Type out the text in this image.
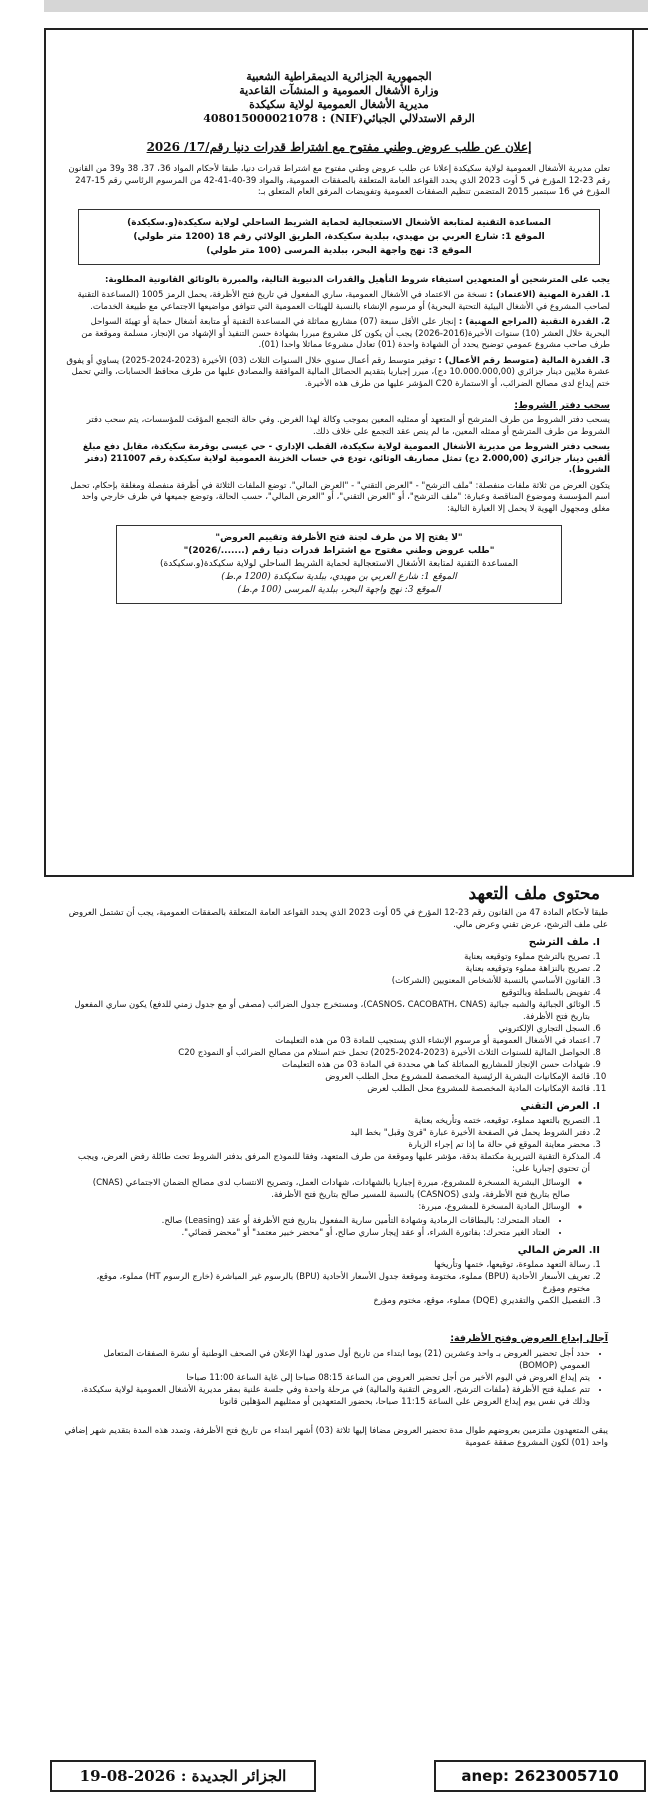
الجمهورية الجزائرية الديمقراطية الشعبية
وزارة الأشغال العمومية و المنشآت القاعدية
مديرية الأشغال العمومية لولاية سكيكدة
الرقم الاستدلالي الجبائي(NIF) : 408015000021078
إعلان عن طلب عروض وطني مفتوح مع اشتراط قدرات دنيا رقم/17/ 2026

تعلن مديرية الأشغال العمومية لولاية سكيكدة إعلانا عن طلب عروض وطني مفتوح مع اشتراط قدرات دنيا، طبقا لأحكام المواد 36، 37، 38 و39 من القانون رقم 23-12 المؤرخ في 5 أوت 2023 الذي يحدد القواعد العامة المتعلقة بالصفقات العمومية، والمواد 39-40-41-42 من المرسوم الرئاسي رقم 15-247 المؤرخ في 16 سبتمبر 2015 المتضمن تنظيم الصفقات العمومية وتفويضات المرفق العام المتعلق بـ:

المساعدة التقنية لمتابعة الأشغال الاستعجالية لحماية الشريط الساحلي لولاية سكيكدة(و.سكيكدة)
الموقع 1: شارع العربي بن مهيدي، ببلدية سكيكدة، الطريق الولائي رقم 18 (1200 متر طولي)
الموقع 3: نهج واجهة البحر، ببلدية المرسى (100 متر طولي)

يجب على المترشحين أو المتعهدين استيفاء شروط التأهيل والقدرات الدنيوية التالية، والمبررة بالوثائق القانونية المطلوبة:

1. القدرة المهنية (الاعتماد) : نسخة من الاعتماد في الأشغال العمومية، ساري المفعول في تاريخ فتح الأظرفة، يحمل الرمز 1005 (المساعدة التقنية لصاحب المشروع في الأشغال البيئية التحتية البحرية) أو مرسوم الإنشاء بالنسبة للهيئات العمومية التي تتوافق مواضيعها الاجتماعي مع طبيعة الخدمات.

2. القدرة التقنية (المراجع المهنية) : إنجاز على الأقل سبعة (07) مشاريع مماثلة في المساعدة التقنية أو متابعة أشغال حماية أو تهيئة السواحل البحرية خلال العشر (10) سنوات الأخيرة(2016-2026) يجب أن يكون كل مشروع مبررا بشهادة حسن التنفيذ أو الإشهاد من الإنجاز، مسلمة وموقعة من طرف صاحب مشروع عمومي توضيح يحدد أن الشهادة واحدة (01) تعادل مشروعا مماثلا واحدا (01).

3. القدرة المالية (متوسط رقم الأعمال) : توفير متوسط رقم أعمال سنوي خلال السنوات الثلاث (03) الأخيرة (2023-2024-2025) يساوي أو يفوق عشرة ملايين دينار جزائري (10.000.000,00 دج)، مبرر إجباريا بتقديم الحصائل المالية الموافقة والمصادق عليها من طرف محافظ الحسابات، والتي تحمل ختم إيداع لدى مصالح الضرائب، أو الاستمارة C20 المؤشر عليها من طرف هذه الأخيرة.

سحب دفتر الشروط:

يسحب دفتر الشروط من طرف المترشح أو المتعهد أو ممثليه المعين بموجب وكالة لهذا الغرض. وفي حالة التجمع المؤقت للمؤسسات، يتم سحب دفتر الشروط من طرف المترشح أو ممثله المعين، ما لم ينص عقد التجمع على خلاف ذلك.

يسحب دفتر الشروط من مديرية الأشغال العمومية لولاية سكيكدة، القطب الإداري - حي عيسى بوقرمة سكيكدة، مقابل دفع مبلغ ألفين دينار جزائري (2.000,00 دج) تمثل مصاريف الوثائق، تودع في حساب الخزينة العمومية لولاية سكيكدة رقم 211007 (دفتر الشروط).

يتكون العرض من ثلاثة ملفات منفصلة: "ملف الترشح" - "العرض التقني" - "العرض المالي". توضع الملفات الثلاثة في أظرفة منفصلة ومغلقة بإحكام، تحمل اسم المؤسسة وموضوع المناقصة وعبارة: "ملف الترشح"، أو "العرض التقني"، أو "العرض المالي"، حسب الحالة، وتوضع جميعها في ظرف خارجي واحد مغلق ومجهول الهوية لا يحمل إلا العبارة التالية:

"لا يفتح إلا من طرف لجنة فتح الأظرفة وتقييم العروض"
"طلب عروض وطني مفتوح مع اشتراط قدرات دنيا رقم (......./2026)"
المساعدة التقنية لمتابعة الأشغال الاستعجالية لحماية الشريط الساحلي لولاية سكيكدة(و.سكيكدة)
الموقع 1: شارع العربي بن مهيدي، ببلدية سكيكدة (1200 م.ط)
الموقع 3: نهج واجهة البحر، ببلدية المرسى (100 م.ط)
محتوى ملف التعهد

طبقا لأحكام المادة 47 من القانون رقم 23-12 المؤرخ في 05 أوت 2023 الذي يحدد القواعد العامة المتعلقة بالصفقات العمومية، يجب أن تشتمل العروض على ملف الترشح، عرض تقني وعرض مالي.

I. ملف الترشح
1. تصريح بالترشح مملوء وتوقيعه بعناية
2. تصريح بالنزاهة مملوء وتوقيعه بعناية
3. القانون الأساسي بالنسبة للأشخاص المعنويين (الشركات)
4. تفويض بالسلطة وبالتوقيع
5. الوثائق الجبائية والشبه جبائية (CASNOS، CACOBATH، CNAS)، ومستخرج جدول الضرائب (مصفى أو مع جدول زمني للدفع) يكون ساري المفعول بتاريخ فتح الأظرفة.
6. السجل التجاري الإلكتروني
7. اعتماد في الأشغال العمومية أو مرسوم الإنشاء الذي يستجيب للمادة 03 من هذه التعليمات
8. الحواصل المالية للسنوات الثلاث الأخيرة (2023-2024-2025) تحمل ختم استلام من مصالح الضرائب أو النموذج C20
9. شهادات حسن الإنجاز للمشاريع المماثلة كما هي محددة في المادة 03 من هذه التعليمات
10. قائمة الإمكانيات البشرية الرئيسية المخصصة للمشروع محل الطلب العروض
11. قائمة الإمكانيات المادية المخصصة للمشروع محل الطلب لعرض
I. العرض التقني
1. التصريح بالتعهد مملوء، توقيعه، ختمه وتأريخه بعناية
2. دفتر الشروط يحمل في الصفحة الأخيرة عبارة "قرئ وقبل" بخط اليد
3. محضر معاينة الموقع في حالة ما إذا تم إجراء الزيارة
4. المذكرة التقنية التبريرية مكتملة بدقة، مؤشر عليها وموقعة من طرف المتعهد، وفقا للنموذج المرفق بدفتر الشروط تحت طائلة رفض العرض، ويجب أن تحتوي إجباريا على:
◦ الوسائل البشرية المسخرة للمشروع، مبررة إجباريا بالشهادات، شهادات العمل، وتصريح الانتساب لدى مصالح الضمان الاجتماعي (CNAS) صالح بتاريخ فتح الأظرفة، ولدى (CASNOS) بالنسبة للمسير صالح بتاريخ فتح الأظرفة.
◦ الوسائل المادية المسخرة للمشروع، مبررة:
• العتاد المتحرك: بالبطاقات الرمادية وشهادة التأمين سارية المفعول بتاريخ فتح الأظرفة أو عقد (Leasing) صالح.
• العتاد الغير متحرك: بفاتورة الشراء، أو عقد إيجار ساري صالح، أو "محضر خبير معتمد" أو "محضر قضائي".
II. العرض المالي
1. رسالة التعهد مملوءة، توقيعها، ختمها وتأريخها
2. تعريف الأسعار الأحادية (BPU) مملوء، مختومة وموقعة جدول الأسعار الأحادية (BPU) بالرسوم غير المباشرة (خارج الرسوم HT) مملوء، موقع، مختوم ومؤرخ
3. التفصيل الكمي والتقديري (DQE) مملوء، موقع، مختوم ومؤرخ
آجال إيداع العروض وفتح الأظرفة:
• حدد أجل تحضير العروض بـ واحد وعشرين (21) يوما ابتداء من تاريخ أول صدور لهذا الإعلان في الصحف الوطنية أو نشرة الصفقات المتعامل العمومي (BOMOP)
• يتم إيداع العروض في اليوم الأخير من أجل تحضير العروض من الساعة 08:15 صباحا إلى غاية الساعة 11:00 صباحا
• تتم عملية فتح الأظرفة (ملفات الترشح، العروض التقنية والمالية) في مرحلة واحدة وفي جلسة علنية بمقر مديرية الأشغال العمومية لولاية سكيكدة، وذلك في نفس يوم إيداع العروض على الساعة 11:15 صباحا، بحضور المتعهدين أو ممثليهم المؤهلين قانونا

يبقى المتعهدون ملتزمين بعروضهم طوال مدة تحضير العروض مضافا إليها ثلاثة (03) أشهر ابتداء من تاريخ فتح الأظرفة، وتمدد هذه المدة بتقديم شهر إضافي واحد (01) لكون المشروع صفقة عمومية

الجزائر الجديدة : 2026-08-19	anep: 2623005710
